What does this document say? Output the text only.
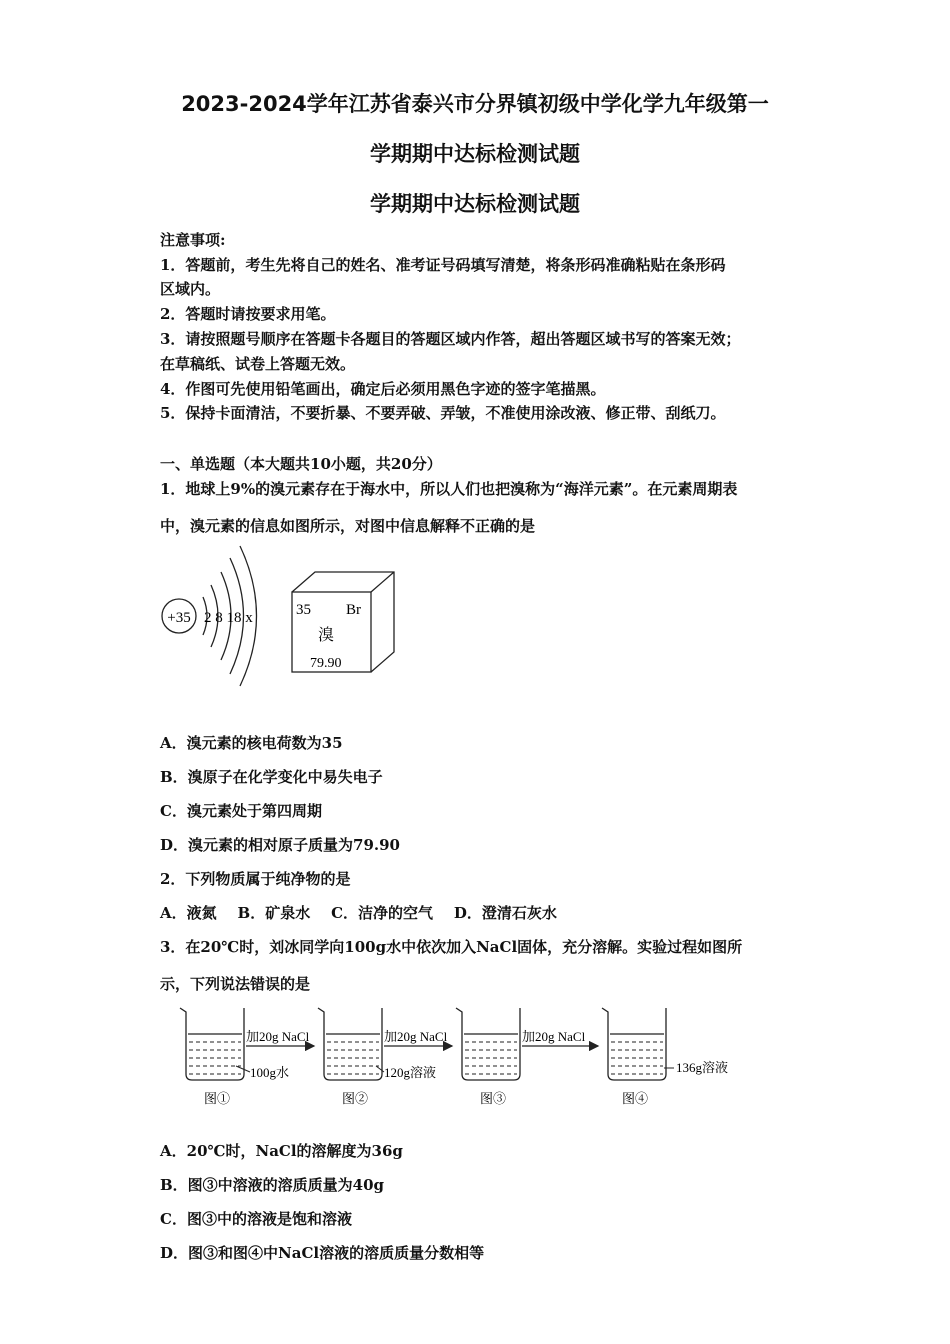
2023-2024学年江苏省泰兴市分界镇初级中学化学九年级第一
学期期中达标检测试题
学期期中达标检测试题
注意事项:
1．答题前，考生先将自己的姓名、准考证号码填写清楚，将条形码准确粘贴在条形码
区域内。
2．答题时请按要求用笔。
3．请按照题号顺序在答题卡各题目的答题区域内作答，超出答题区域书写的答案无效；
在草稿纸、试卷上答题无效。
4．作图可先使用铅笔画出，确定后必须用黑色字迹的签字笔描黑。
5．保持卡面清洁，不要折暴、不要弄破、弄皱，不准使用涂改液、修正带、刮纸刀。
一、单选题（本大题共10小题，共20分）
1．地球上9%的溴元素存在于海水中，所以人们也把溴称为“海洋元素”。在元素周期表
中，溴元素的信息如图所示，对图中信息解释不正确的是
+35 2 8 18 x	35 Br
溴
79.90
A．溴元素的核电荷数为35
B．溴原子在化学变化中易失电子
C．溴元素处于第四周期
D．溴元素的相对原子质量为79.90
2．下列物质属于纯净物的是
A．液氮    B．矿泉水    C．洁净的空气    D．澄清石灰水
3．在20℃时，刘冰同学向100g水中依次加入NaCl固体，充分溶解。实验过程如图所
示，下列说法错误的是
加20g NaCl	加20g NaCl	加20g NaCl
100g水	120g溶液	136g溶液
图①	图②	图③	图④
A．20℃时，NaCl的溶解度为36g
B．图③中溶液的溶质质量为40g
C．图③中的溶液是饱和溶液
D．图③和图④中NaCl溶液的溶质质量分数相等
